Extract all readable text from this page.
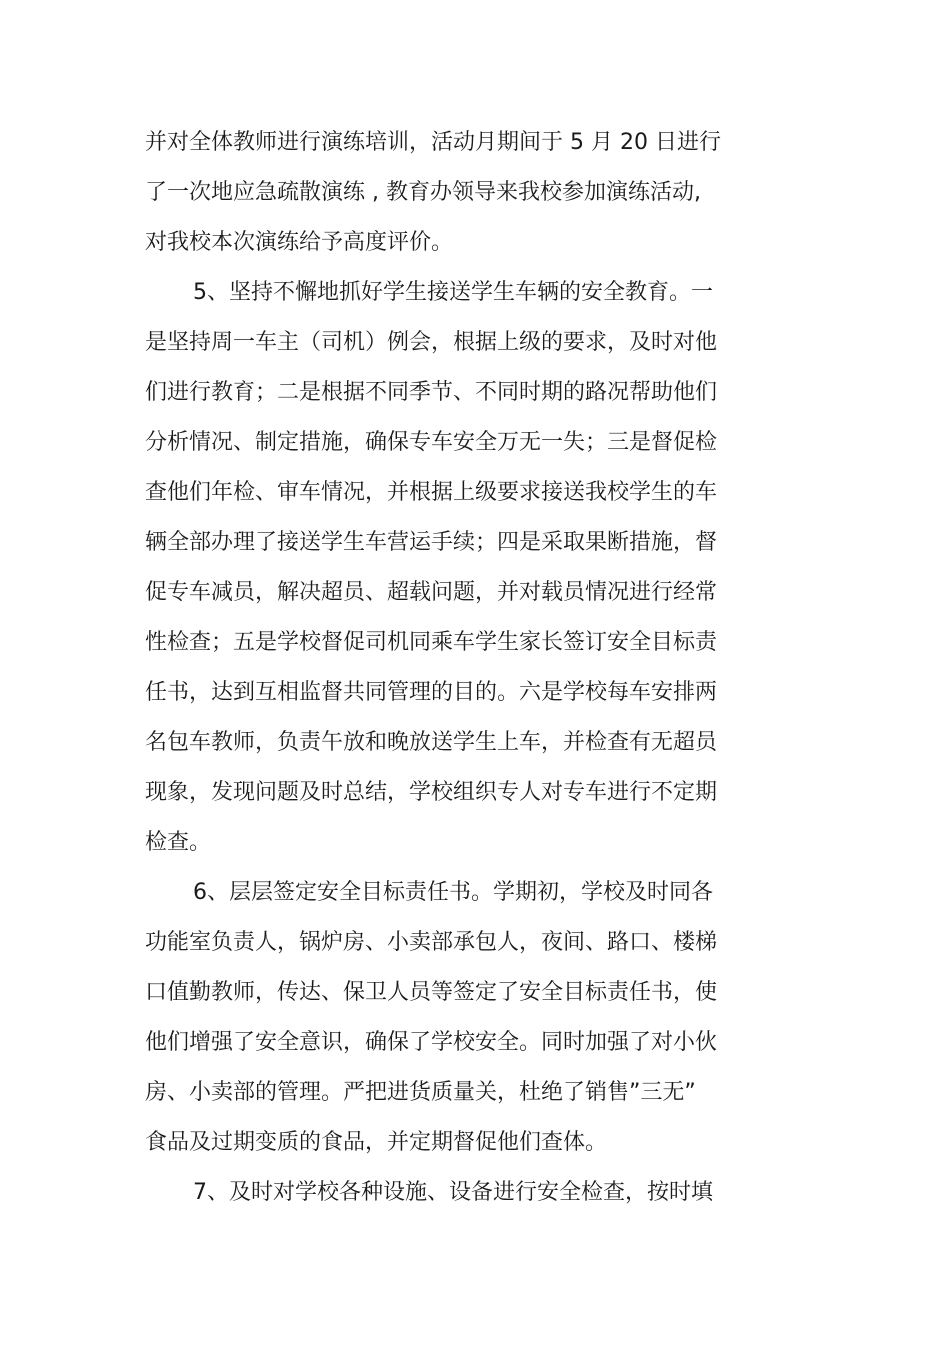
并对全体教师进行演练培训，活动月期间于 5 月 20 日进行
了一次地应急疏散演练 , 教育办领导来我校参加演练活动,
对我校本次演练给予高度评价。
5、坚持不懈地抓好学生接送学生车辆的安全教育。一
是坚持周一车主（司机）例会，根据上级的要求，及时对他
们进行教育；二是根据不同季节、不同时期的路况帮助他们
分析情况、制定措施，确保专车安全万无一失；三是督促检
查他们年检、审车情况，并根据上级要求接送我校学生的车
辆全部办理了接送学生车营运手续；四是采取果断措施，督
促专车减员，解决超员、超载问题，并对载员情况进行经常
性检查；五是学校督促司机同乘车学生家长签订安全目标责
任书，达到互相监督共同管理的目的。六是学校每车安排两
名包车教师，负责午放和晚放送学生上车，并检查有无超员
现象，发现问题及时总结，学校组织专人对专车进行不定期
检查。
6、层层签定安全目标责任书。学期初，学校及时同各
功能室负责人，锅炉房、小卖部承包人，夜间、路口、楼梯
口值勤教师，传达、保卫人员等签定了安全目标责任书，使
他们增强了安全意识，确保了学校安全。同时加强了对小伙
房、小卖部的管理。严把进货质量关，杜绝了销售”三无”
食品及过期变质的食品，并定期督促他们查体。
7、及时对学校各种设施、设备进行安全检查，按时填
